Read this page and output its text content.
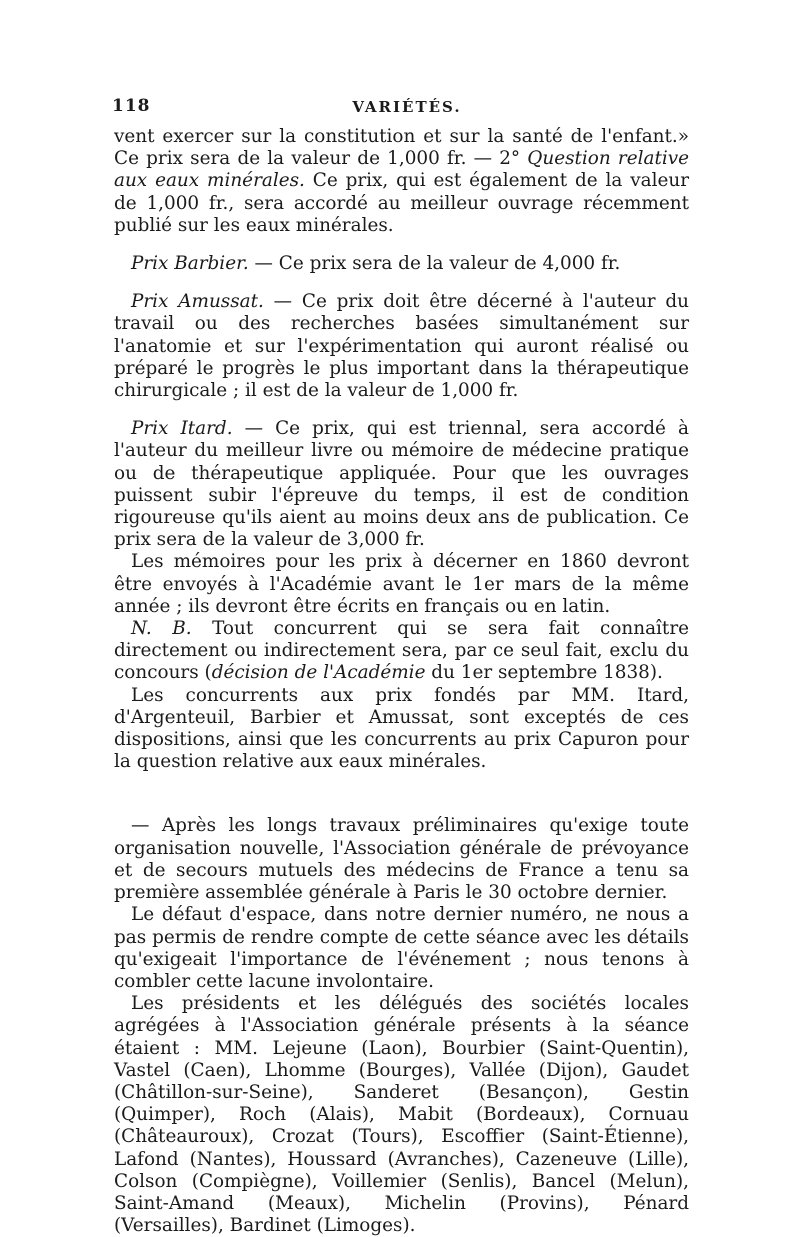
118	VARIÉTÉS.

vent exercer sur la constitution et sur la santé de l'enfant.» Ce prix sera de la valeur de 1,000 fr. — 2° Question relative aux eaux minérales. Ce prix, qui est également de la valeur de 1,000 fr., sera accordé au meilleur ouvrage récemment publié sur les eaux minérales.

Prix Barbier. — Ce prix sera de la valeur de 4,000 fr.

Prix Amussat. — Ce prix doit être décerné à l'auteur du travail ou des recherches basées simultanément sur l'anatomie et sur l'expérimentation qui auront réalisé ou préparé le progrès le plus important dans la thérapeutique chirurgicale ; il est de la valeur de 1,000 fr.

Prix Itard. — Ce prix, qui est triennal, sera accordé à l'auteur du meilleur livre ou mémoire de médecine pratique ou de thérapeutique appliquée. Pour que les ouvrages puissent subir l'épreuve du temps, il est de condition rigoureuse qu'ils aient au moins deux ans de publication. Ce prix sera de la valeur de 3,000 fr.

Les mémoires pour les prix à décerner en 1860 devront être envoyés à l'Académie avant le 1er mars de la même année ; ils devront être écrits en français ou en latin.

N. B. Tout concurrent qui se sera fait connaître directement ou indirectement sera, par ce seul fait, exclu du concours (décision de l'Académie du 1er septembre 1838).

Les concurrents aux prix fondés par MM. Itard, d'Argenteuil, Barbier et Amussat, sont exceptés de ces dispositions, ainsi que les concurrents au prix Capuron pour la question relative aux eaux minérales.

— Après les longs travaux préliminaires qu'exige toute organisation nouvelle, l'Association générale de prévoyance et de secours mutuels des médecins de France a tenu sa première assemblée générale à Paris le 30 octobre dernier.

Le défaut d'espace, dans notre dernier numéro, ne nous a pas permis de rendre compte de cette séance avec les détails qu'exigeait l'importance de l'événement ; nous tenons à combler cette lacune involontaire.

Les présidents et les délégués des sociétés locales agrégées à l'Association générale présents à la séance étaient : MM. Lejeune (Laon), Bourbier (Saint-Quentin), Vastel (Caen), Lhomme (Bourges), Vallée (Dijon), Gaudet (Châtillon-sur-Seine), Sanderet (Besançon), Gestin (Quimper), Roch (Alais), Mabit (Bordeaux), Cornuau (Châteauroux), Crozat (Tours), Escoffier (Saint-Étienne), Lafond (Nantes), Houssard (Avranches), Cazeneuve (Lille), Colson (Compiègne), Voillemier (Senlis), Bancel (Melun), Saint-Amand (Meaux), Michelin (Provins), Pénard (Versailles), Bardinet (Limoges).
